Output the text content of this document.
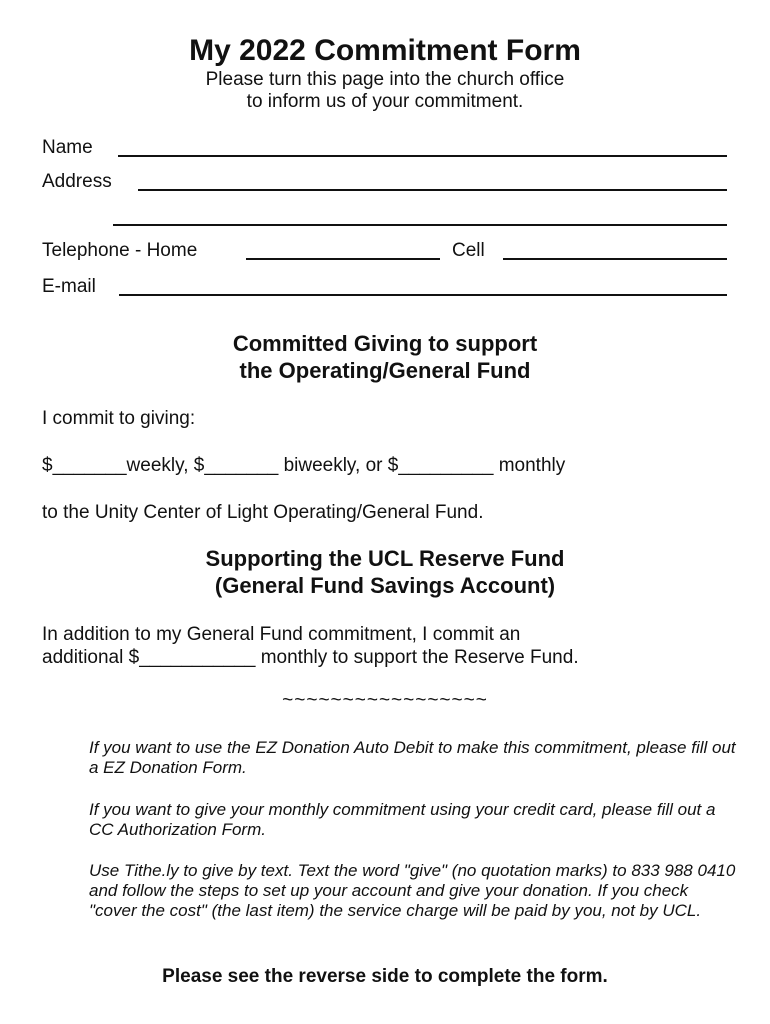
My 2022 Commitment Form
Please turn this page into the church office
to inform us of your commitment.
Name
Address
Telephone - Home	Cell
E-mail
Committed Giving to support
the Operating/General Fund
I commit to giving:
$_______weekly, $_______ biweekly, or $_________ monthly
to the Unity Center of Light Operating/General Fund.
Supporting the UCL Reserve Fund
(General Fund Savings Account)
In addition to my General Fund commitment, I commit an
additional $___________ monthly to support the Reserve Fund.
~~~~~~~~~~~~~~~~~
If you want to use the EZ Donation Auto Debit to make this commitment, please fill out a EZ Donation Form.
If you want to give your monthly commitment using your credit card, please fill out a CC Authorization Form.
Use Tithe.ly to give by text. Text the word "give" (no quotation marks) to 833 988 0410 and follow the steps to set up your account and give your donation. If you check "cover the cost" (the last item) the service charge will be paid by you, not by UCL.
Please see the reverse side to complete the form.
